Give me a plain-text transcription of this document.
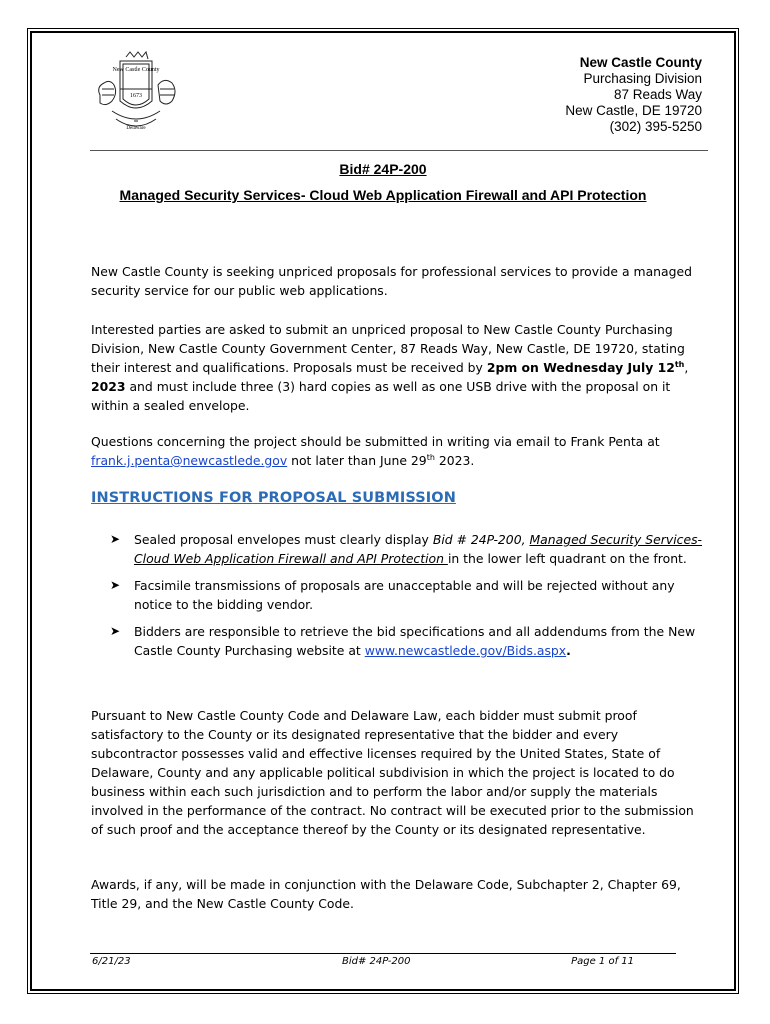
New Castle County
1673
Delaware
New Castle County
Purchasing Division
87 Reads Way
New Castle, DE 19720
(302) 395-5250
Bid# 24P-200
Managed Security Services- Cloud Web Application Firewall and API Protection

New Castle County is seeking unpriced proposals for professional services to provide a managed security service for our public web applications.

Interested parties are asked to submit an unpriced proposal to New Castle County Purchasing Division, New Castle County Government Center, 87 Reads Way, New Castle, DE 19720, stating their interest and qualifications. Proposals must be received by 2pm on Wednesday July 12th,
2023 and must include three (3) hard copies as well as one USB drive with the proposal on it within a sealed envelope.

Questions concerning the project should be submitted in writing via email to Frank Penta at
frank.j.penta@newcastlede.gov not later than June 29th 2023.

INSTRUCTIONS FOR PROPOSAL SUBMISSION
➤ Sealed proposal envelopes must clearly display Bid # 24P-200, Managed Security Services- Cloud Web Application Firewall and API Protection in the lower left quadrant on the front.
➤ Facsimile transmissions of proposals are unacceptable and will be rejected without any notice to the bidding vendor.
➤ Bidders are responsible to retrieve the bid specifications and all addendums from the New Castle County Purchasing website at www.newcastlede.gov/Bids.aspx.

Pursuant to New Castle County Code and Delaware Law, each bidder must submit proof satisfactory to the County or its designated representative that the bidder and every subcontractor possesses valid and effective licenses required by the United States, State of Delaware, County and any applicable political subdivision in which the project is located to do business within each such jurisdiction and to perform the labor and/or supply the materials involved in the performance of the contract. No contract will be executed prior to the submission of such proof and the acceptance thereof by the County or its designated representative.

Awards, if any, will be made in conjunction with the Delaware Code, Subchapter 2, Chapter 69, Title 29, and the New Castle County Code.

6/21/23	Bid# 24P-200	Page 1 of 11
